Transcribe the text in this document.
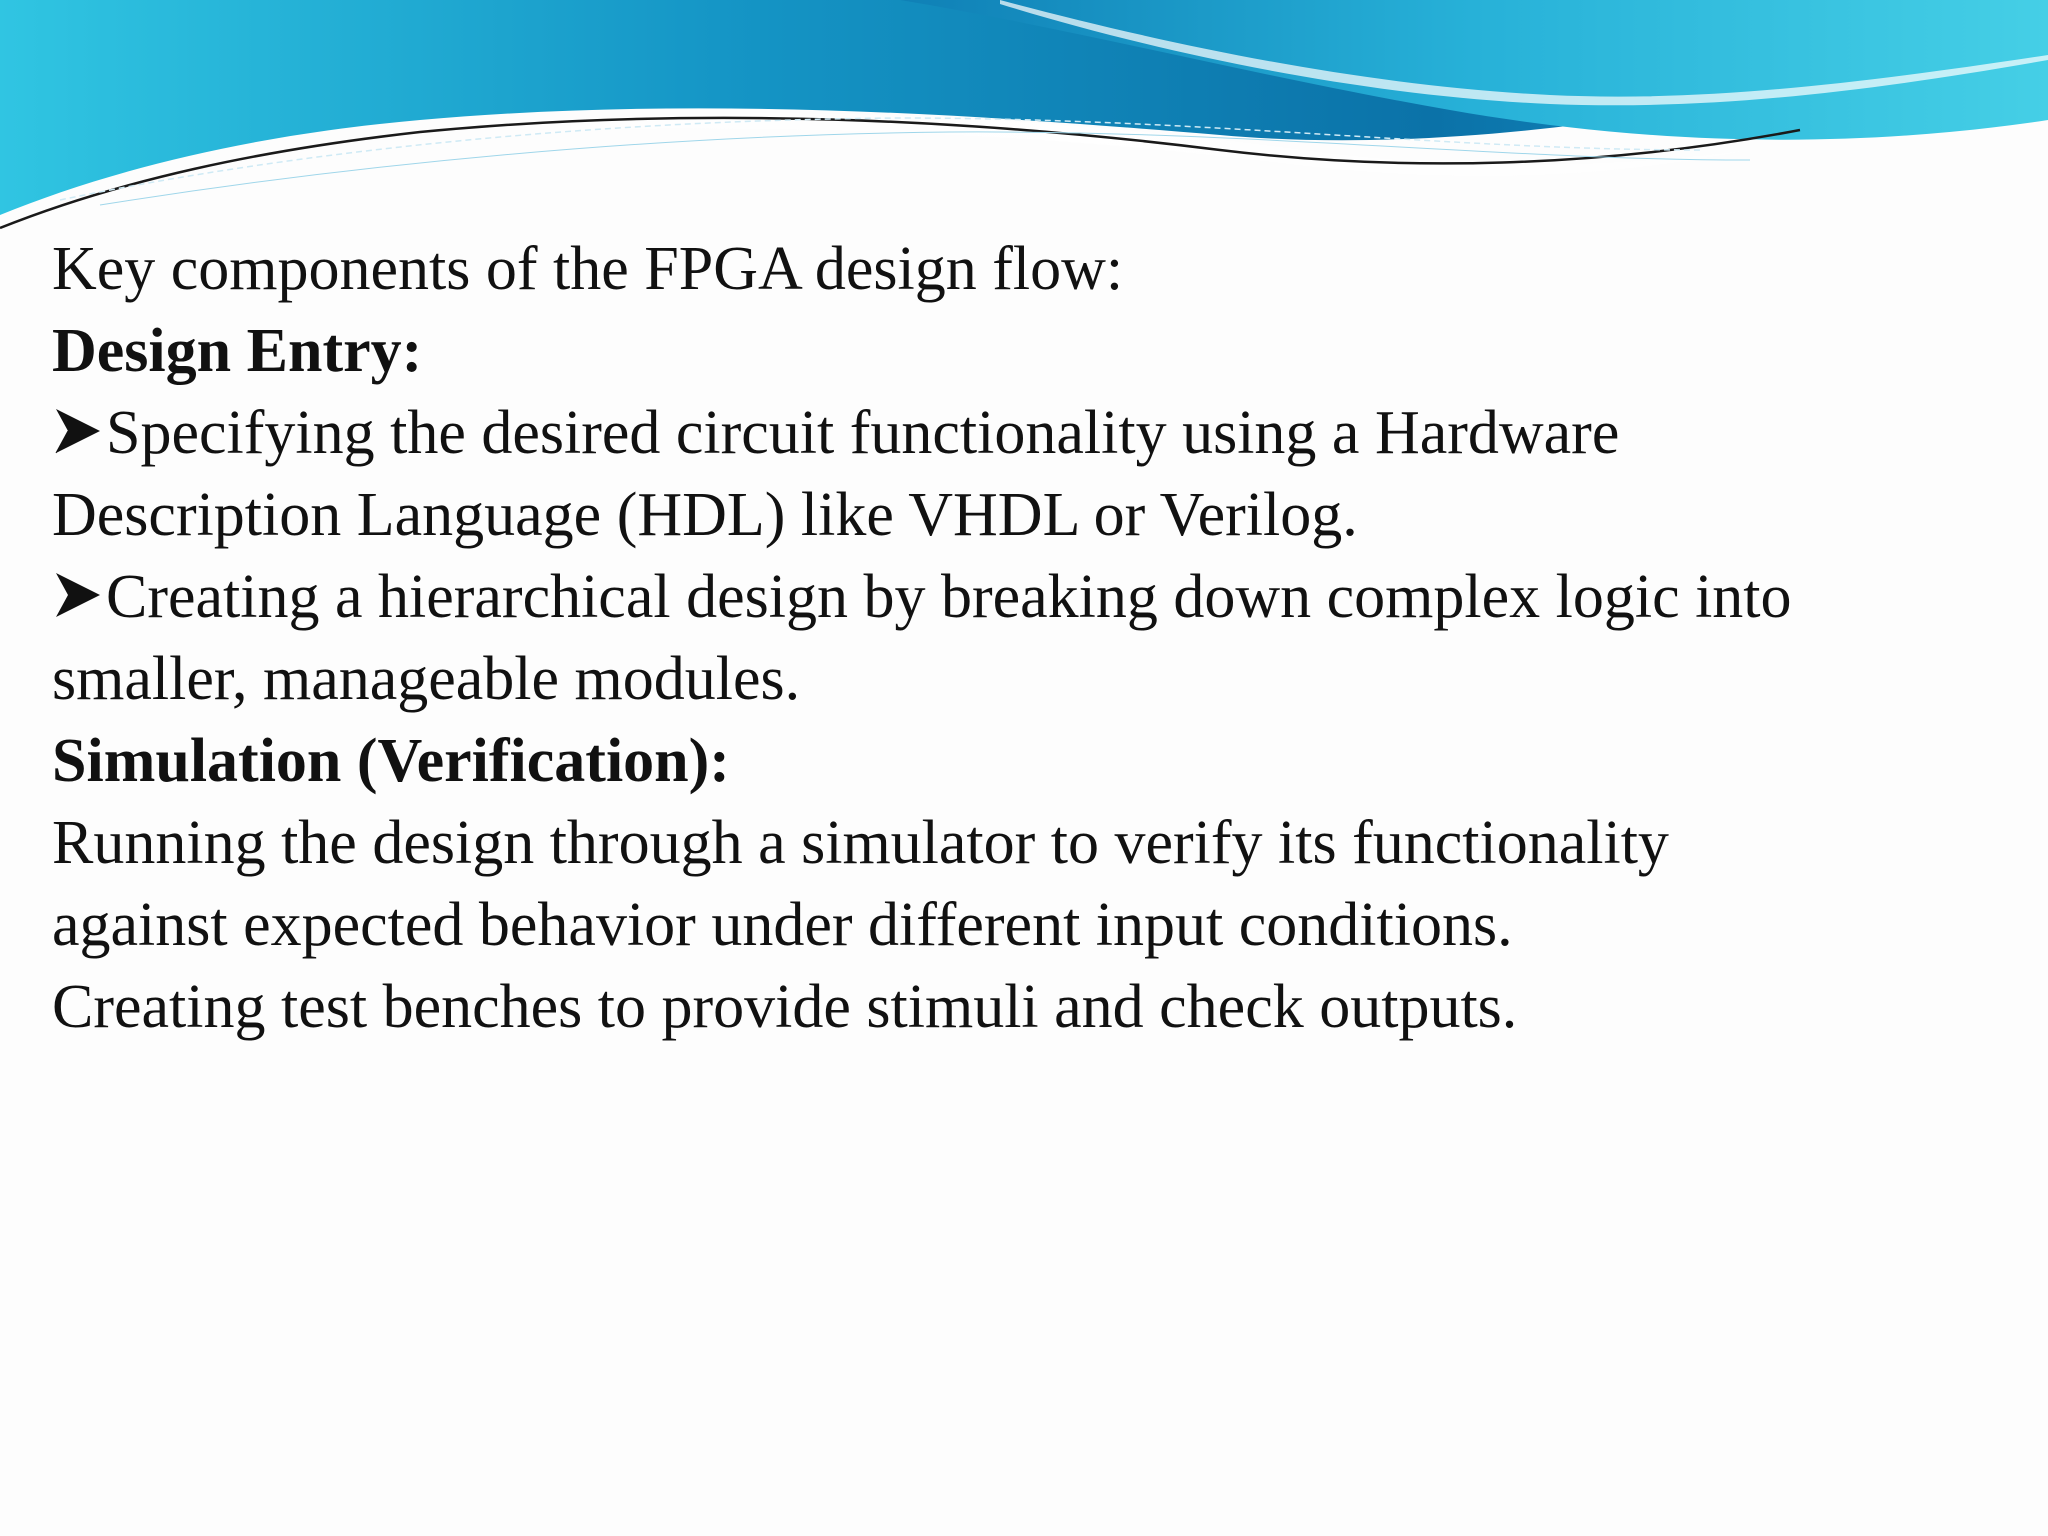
Key components of the FPGA design flow:
Design Entry:
Specifying the desired circuit functionality using a Hardware
Description Language (HDL) like VHDL or Verilog.
Creating a hierarchical design by breaking down complex logic into
smaller, manageable modules.
Simulation (Verification):
Running the design through a simulator to verify its functionality
against expected behavior under different input conditions.
Creating test benches to provide stimuli and check outputs.
